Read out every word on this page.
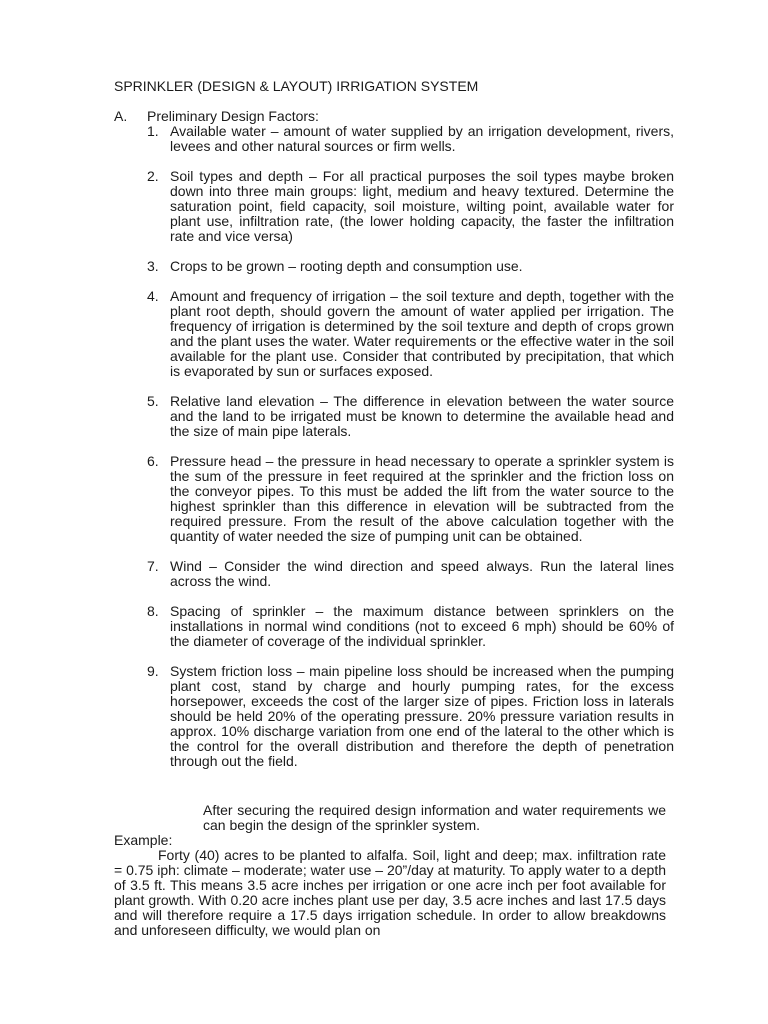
SPRINKLER (DESIGN & LAYOUT) IRRIGATION SYSTEM

A. Preliminary Design Factors:
1. Available water – amount of water supplied by an irrigation development, rivers, levees and other natural sources or firm wells.
2. Soil types and depth – For all practical purposes the soil types maybe broken down into three main groups: light, medium and heavy textured. Determine the saturation point, field capacity, soil moisture, wilting point, available water for plant use, infiltration rate, (the lower holding capacity, the faster the infiltration rate and vice versa)
3. Crops to be grown – rooting depth and consumption use.
4. Amount and frequency of irrigation – the soil texture and depth, together with the plant root depth, should govern the amount of water applied per irrigation. The frequency of irrigation is determined by the soil texture and depth of crops grown and the plant uses the water. Water requirements or the effective water in the soil available for the plant use. Consider that contributed by precipitation, that which is evaporated by sun or surfaces exposed.
5. Relative land elevation – The difference in elevation between the water source and the land to be irrigated must be known to determine the available head and the size of main pipe laterals.
6. Pressure head – the pressure in head necessary to operate a sprinkler system is the sum of the pressure in feet required at the sprinkler and the friction loss on the conveyor pipes. To this must be added the lift from the water source to the highest sprinkler than this difference in elevation will be subtracted from the required pressure. From the result of the above calculation together with the quantity of water needed the size of pumping unit can be obtained.
7. Wind – Consider the wind direction and speed always. Run the lateral lines across the wind.
8. Spacing of sprinkler – the maximum distance between sprinklers on the installations in normal wind conditions (not to exceed 6 mph) should be 60% of the diameter of coverage of the individual sprinkler.
9. System friction loss – main pipeline loss should be increased when the pumping plant cost, stand by charge and hourly pumping rates, for the excess horsepower, exceeds the cost of the larger size of pipes. Friction loss in laterals should be held 20% of the operating pressure. 20% pressure variation results in approx. 10% discharge variation from one end of the lateral to the other which is the control for the overall distribution and therefore the depth of penetration through out the field.

After securing the required design information and water requirements we can begin the design of the sprinkler system.

Example:

Forty (40) acres to be planted to alfalfa. Soil, light and deep; max. infiltration rate = 0.75 iph: climate – moderate; water use – 20”/day at maturity. To apply water to a depth of 3.5 ft. This means 3.5 acre inches per irrigation or one acre inch per foot available for plant growth. With 0.20 acre inches plant use per day, 3.5 acre inches and last 17.5 days and will therefore require a 17.5 days irrigation schedule. In order to allow breakdowns and unforeseen difficulty, we would plan on
